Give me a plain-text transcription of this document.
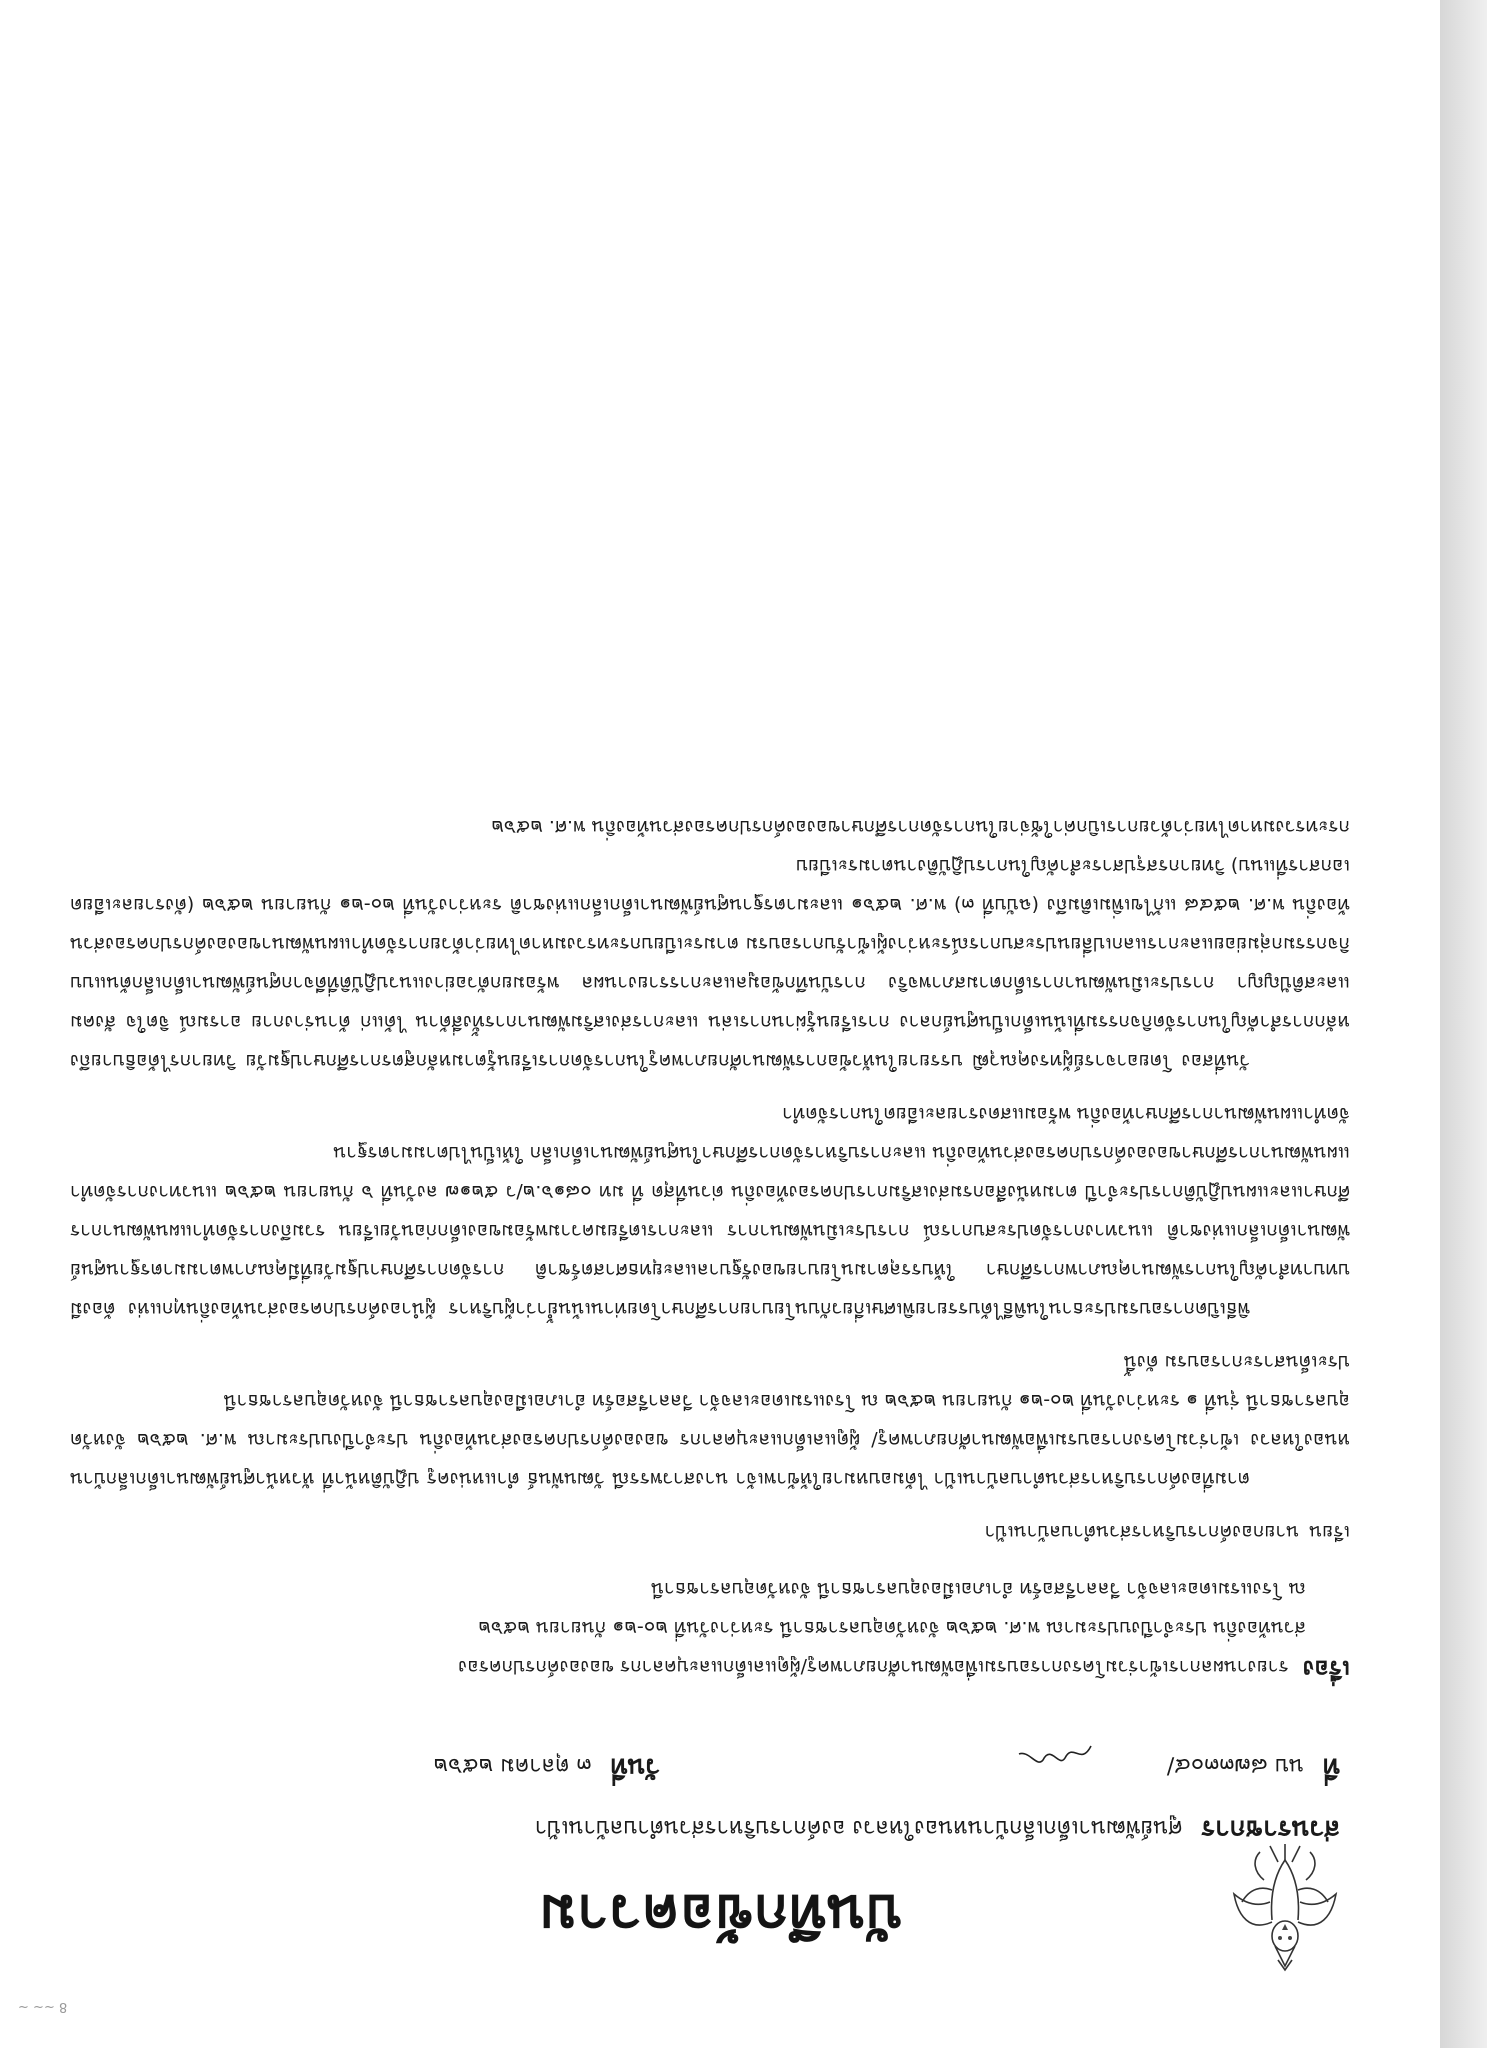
8 ~~ ~
บันทึกข้อความ
ส่วนราชการ ศูนย์พัฒนาเด็กเล็กบ้านหนองใหลวง องค์การบริหารส่วนตำบลบ้านเป้า
ที่ นบ ๘๗๓๓๐๔/
วันที่ ๓ ตุลาคม ๒๕๖๒
เรื่องรายงานผลการเข้าร่วมโครงการอบรมเพื่อพัฒนาศักยภาพครู/ผู้ดูแลเด็กและบุคลากร ขององค์กรปกครอง
ส่วนท้องถิ่น ประจำปีงบประมาณ พ.ศ. ๒๕๖๒ จังหวัดอุบลราชธานี ระหว่างวันที่ ๒๐-๒๑ กันยายน ๒๕๖๒
ณ โรงแรมเดอะเลจจ้า วีลลารีสอร์ท อำเภอเมืองอุบลราชธานี จังหวัดอุบลราชธานี
เรียนนายกองค์การบริหารส่วนตำบลบ้านเป้า
ตามที่องค์การบริหารส่วนตำบลบ้านเป้า ได้มอบหมายให้ข้าพเจ้า นางสาวพรรณี วัฒนพันธ์ ตำแหน่งครู ปฏิบัติหน้าที่ หัวหน้าศูนย์พัฒนาเด็กเล็กบ้านหนองใหลวง เข้าร่วมโครงการอบรมเพื่อพัฒนาศักยภาพครู/ ผู้ดูแลเด็กและบุคลากร ขององค์กรปกครองส่วนท้องถิ่น ประจำปีงบประมาณ พ.ศ. ๒๕๖๒ จังหวัดอุบลราชธานี รุ่นที่ ๑ ระหว่างวันที่ ๒๐-๒๑ กันยายน ๒๕๖๒ ณ โรงแรมเดอะเลจจ้า วีลลารีสอร์ท อำเภอเมืองอุบลราชธานี จังหวัดอุบลราชธานี
ประเด็นสาระการอบรม ดังนี้
พิธีเปิดการอบรมประธานในพิธีได้บรรยายพิเศษเกี่ยวกับนโยบายการศึกษาโดยท่านเน้นย้ำว่าผู้บริหาร ผู้นำองค์กรปกครองส่วนท้องถิ่นทุกแห่ง ต้องมีบทบาทสำคัญในการพัฒนาคุณภาพการศึกษา ให้บรรลุตามนโยบายของรัฐบาลและยุทธศาสตร์ชาติ การจัดการศึกษาปฐมวัยที่มีคุณภาพตามมาตรฐานศูนย์พัฒนาเด็กเล็กแห่งชาติ แนวทางการจัดประสบการณ์ การประเมินพัฒนาการ และการเตรียมความพร้อมของเด็กก่อนวัยเรียน รวมถึงการจัดทำแผนพัฒนาการศึกษาและแผนปฏิบัติการประจำปี ตามหนังสือกรมส่งเสริมการปกครองท้องถิ่น ด่วนที่สุด ที่ มท ๐๘๑๖.๒/ว ๕๒๑๗ ลงวันที่ ๖ กันยายน ๒๕๖๒ แนวทางการจัดทำแผนพัฒนาการศึกษาขององค์กรปกครองส่วนท้องถิ่น และการบริหารจัดการศึกษาในศูนย์พัฒนาเด็กเล็ก ให้เป็นไปตามมาตรฐาน
จัดทำแผนพัฒนาการศึกษาท้องถิ่น พร้อมแสดงรายละเอียดในการจัดทำ
วันที่สอง โดยอาจารย์ผู้ทรงคุณวุฒิ บรรยายในหัวข้อการพัฒนาศักยภาพครูในการจัดการเรียนรู้ตามหลักสูตรการศึกษาปฐมวัย วิทยากรได้อธิบายถึงหลักการสำคัญในการจัดกิจกรรมที่เน้นเด็กเป็นศูนย์กลาง การเรียนรู้ผ่านการเล่น และการส่งเสริมพัฒนาการทั้งสี่ด้าน ได้แก่ ด้านร่างกาย อารมณ์ จิตใจ สังคม และสติปัญญา การประเมินพัฒนาการเด็กตามสภาพจริง การบันทึกข้อมูลและการรายงานผล พร้อมยกตัวอย่างแนวปฏิบัติที่ดีจากศูนย์พัฒนาเด็กเล็กต้นแบบ กิจกรรมกลุ่มย่อยและการแลกเปลี่ยนประสบการณ์ระหว่างผู้เข้ารับการอบรม ตามระเบียบกระทรวงมหาดไทยว่าด้วยการจัดทำแผนพัฒนาขององค์กรปกครองส่วนท้องถิ่น พ.ศ. ๒๕๔๘ แก้ไขเพิ่มเติมถึง (ฉบับที่ ๓) พ.ศ. ๒๕๖๑ และมาตรฐานศูนย์พัฒนาเด็กเล็กแห่งชาติ ระหว่างวันที่ ๒๐-๒๑ กันยายน ๒๕๖๒ (ดังรายละเอียดเอกสารที่แนบ) วิทยากรสรุปสาระสำคัญในการปฏิบัติงานตามระเบียบ
กระทรวงมหาดไทยว่าด้วยการเบิกค่าใช้จ่ายในการจัดการศึกษาขององค์กรปกครองส่วนท้องถิ่น พ.ศ. ๒๕๖๒
